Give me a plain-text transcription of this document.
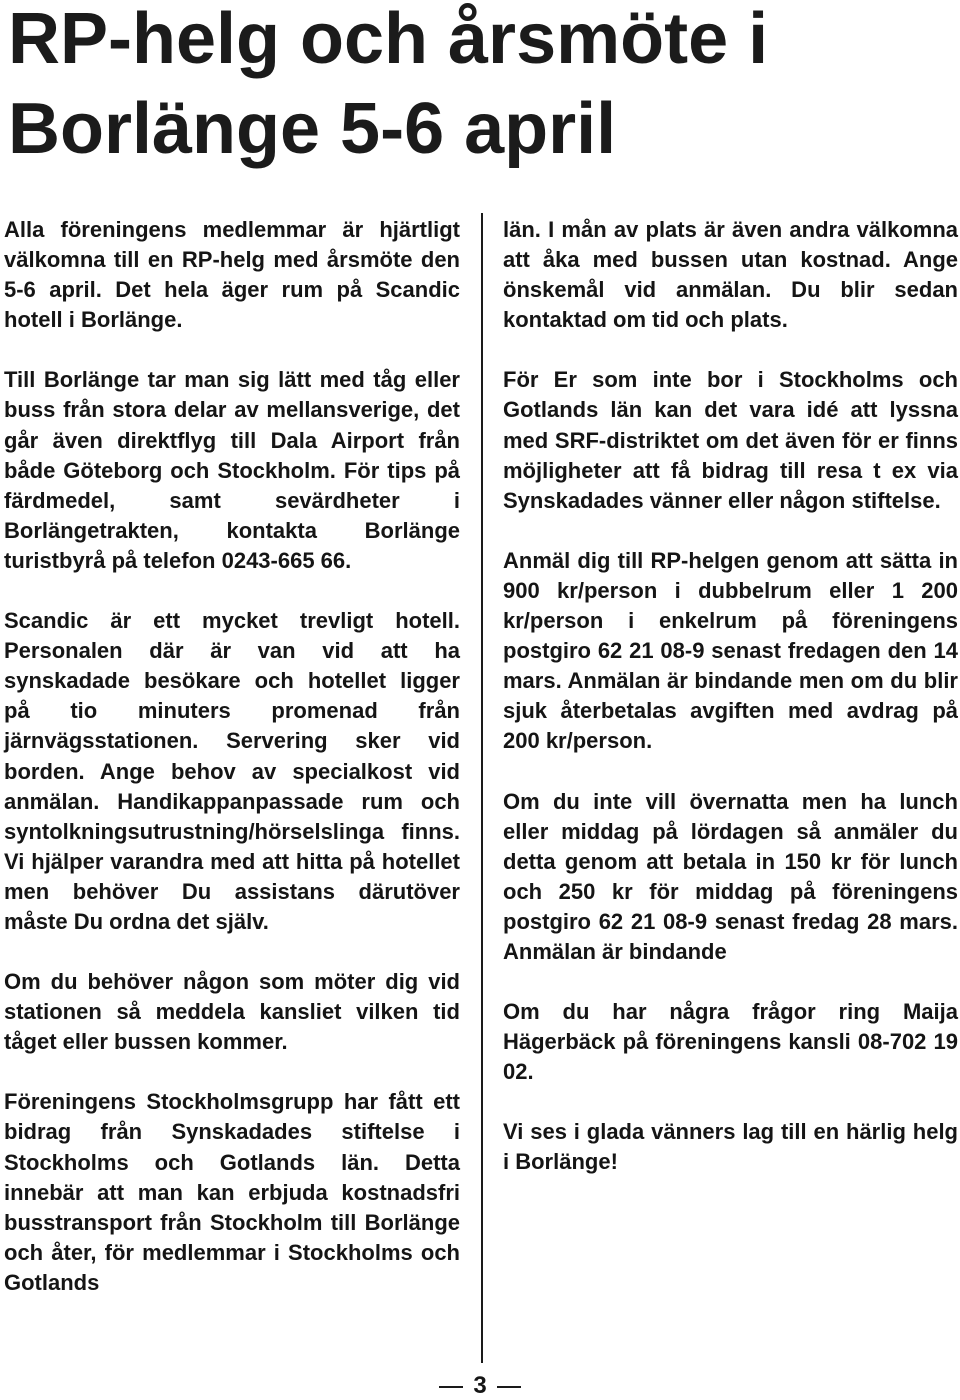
RP-helg och årsmöte i
Borlänge 5-6 april

Alla föreningens medlemmar är hjärtligt välkomna till en RP-helg med årsmöte den 5-6 april. Det hela äger rum på Scandic hotell i Borlänge.

Till Borlänge tar man sig lätt med tåg eller buss från stora delar av mellansverige, det går även direktflyg till Dala Airport från både Göteborg och Stockholm. För tips på färdmedel, samt sevärdheter i Borlängetrakten, kontakta Borlänge turistbyrå på telefon 0243-665 66.

Scandic är ett mycket trevligt hotell. Personalen där är van vid att ha synskadade besökare och hotellet ligger på tio minuters promenad från järnvägsstationen. Servering sker vid borden. Ange behov av specialkost vid anmälan. Handikappanpassade rum och syntolkningsutrustning/hörselslinga finns. Vi hjälper varandra med att hitta på hotellet men behöver Du assistans därutöver måste Du ordna det själv.

Om du behöver någon som möter dig vid stationen så meddela kansliet vilken tid tåget eller bussen kommer.

Föreningens Stockholmsgrupp har fått ett bidrag från Synskadades stiftelse i Stockholms och Gotlands län. Detta innebär att man kan erbjuda kostnadsfri busstransport från Stockholm till Borlänge och åter, för medlemmar i Stockholms och Gotlands

län. I mån av plats är även andra välkomna att åka med bussen utan kostnad. Ange önskemål vid anmälan. Du blir sedan kontaktad om tid och plats.

För Er som inte bor i Stockholms och Gotlands län kan det vara idé att lyssna med SRF-distriktet om det även för er finns möjligheter att få bidrag till resa t ex via Synskadades vänner eller någon stiftelse.

Anmäl dig till RP-helgen genom att sätta in 900 kr/person i dubbelrum eller 1 200 kr/person i enkelrum på föreningens postgiro 62 21 08-9 senast fredagen den 14 mars. Anmälan är bindande men om du blir sjuk återbetalas avgiften med avdrag på 200 kr/person.

Om du inte vill övernatta men ha lunch eller middag på lördagen så anmäler du detta genom att betala in 150 kr för lunch och 250 kr för middag på föreningens postgiro 62 21 08-9 senast fredag 28 mars. Anmälan är bindande

Om du har några frågor ring Maija Hägerbäck på föreningens kansli 08-702 19 02.

Vi ses i glada vänners lag till en härlig helg i Borlänge!

3
